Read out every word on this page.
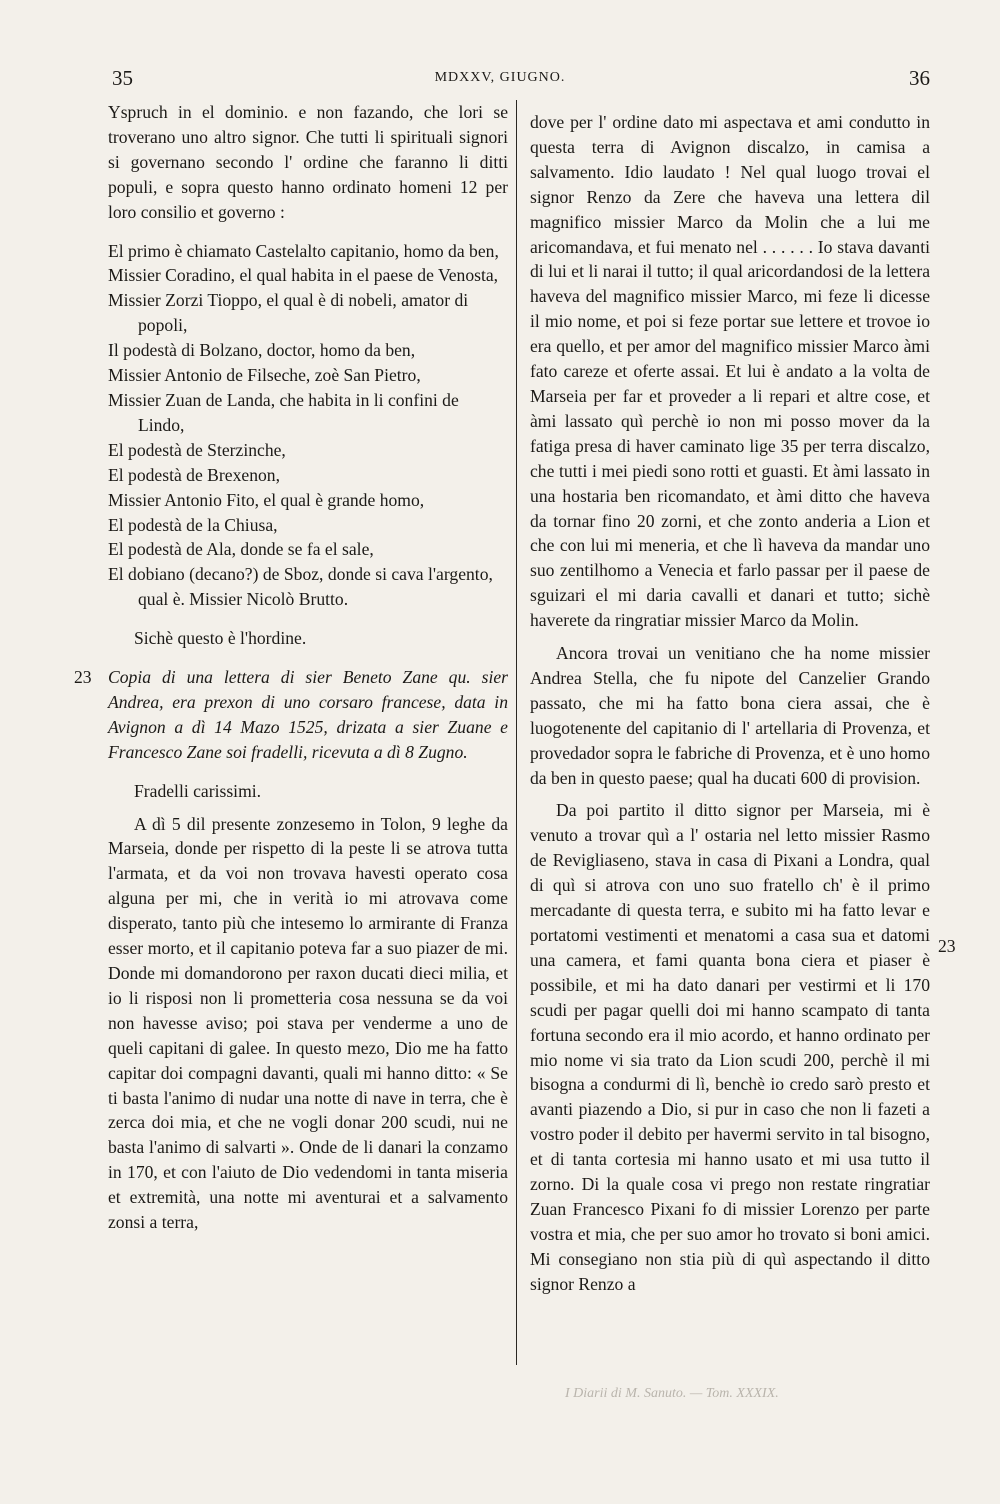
35	MDXXV, GIUGNO.	36

Yspruch in el dominio. e non fazando, che lori se troverano uno altro signor. Che tutti li spirituali signori si governano secondo l' ordine che faranno li ditti populi, e sopra questo hanno ordinato homeni 12 per loro consilio et governo :

El primo è chiamato Castelalto capitanio, homo da ben,

Missier Coradino, el qual habita in el paese de Venosta,

Missier Zorzi Tioppo, el qual è di nobeli, amator di popoli,

Il podestà di Bolzano, doctor, homo da ben,

Missier Antonio de Filseche, zoè San Pietro,

Missier Zuan de Landa, che habita in li confini de Lindo,

El podestà de Sterzinche,

El podestà de Brexenon,

Missier Antonio Fito, el qual è grande homo,

El podestà de la Chiusa,

El podestà de Ala, donde se fa el sale,

El dobiano (decano?) de Sboz, donde si cava l'argento, qual è. Missier Nicolò Brutto.

Sichè questo è l'hordine.

23 Copia di una lettera di sier Beneto Zane qu. sier Andrea, era prexon di uno corsaro francese, data in Avignon a dì 14 Mazo 1525, drizata a sier Zuane e Francesco Zane soi fradelli, ricevuta a dì 8 Zugno.

Fradelli carissimi.

A dì 5 dil presente zonzesemo in Tolon, 9 leghe da Marseia, donde per rispetto di la peste li se atrova tutta l'armata, et da voi non trovava havesti operato cosa alguna per mi, che in verità io mi atrovava come disperato, tanto più che intesemo lo armirante di Franza esser morto, et il capitanio poteva far a suo piazer de mi. Donde mi domandorono per raxon ducati dieci milia, et io li risposi non li prometteria cosa nessuna se da voi non havesse aviso; poi stava per venderme a uno de queli capitani di galee. In questo mezo, Dio me ha fatto capitar doi compagni davanti, quali mi hanno ditto: « Se ti basta l'animo di nudar una notte di nave in terra, che è zerca doi mia, et che ne vogli donar 200 scudi, nui ne basta l'animo di salvarti ». Onde de li danari la conzamo in 170, et con l'aiuto de Dio vedendomi in tanta miseria et extremità, una notte mi aventurai et a salvamento zonsi a terra,

dove per l' ordine dato mi aspectava et ami condutto in questa terra di Avignon discalzo, in camisa a salvamento. Idio laudato ! Nel qual luogo trovai el signor Renzo da Zere che haveva una lettera dil magnifico missier Marco da Molin che a lui me aricomandava, et fui menato nel . . . . . . Io stava davanti di lui et li narai il tutto; il qual aricordandosi de la lettera haveva del magnifico missier Marco, mi feze li dicesse il mio nome, et poi si feze portar sue lettere et trovoe io era quello, et per amor del magnifico missier Marco àmi fato careze et oferte assai. Et lui è andato a la volta de Marseia per far et proveder a li repari et altre cose, et àmi lassato quì perchè io non mi posso mover da la fatiga presa di haver caminato lige 35 per terra discalzo, che tutti i mei piedi sono rotti et guasti. Et àmi lassato in una hostaria ben ricomandato, et àmi ditto che haveva da tornar fino 20 zorni, et che zonto anderia a Lion et che con lui mi meneria, et che lì haveva da mandar uno suo zentilhomo a Venecia et farlo passar per il paese de sguizari el mi daria cavalli et danari et tutto; sichè haverete da ringratiar missier Marco da Molin.

Ancora trovai un venitiano che ha nome missier Andrea Stella, che fu nipote del Canzelier Grando passato, che mi ha fatto bona ciera assai, che è luogotenente del capitanio di l' artellaria di Provenza, et provedador sopra le fabriche di Provenza, et è uno homo da ben in questo paese; qual ha ducati 600 di provision.

Da poi partito il ditto signor per Marseia, mi è venuto a trovar quì a l' ostaria nel letto missier Rasmo de Revigliaseno, stava in casa di Pixani a Londra, qual di quì si atrova con uno suo fratello ch' è il primo mercadante di questa terra, e subito mi ha fatto levar e portatomi vestimenti et menatomi a casa sua et datomi una camera, et fami quanta bona ciera et piaser è possibile, et mi ha dato danari per vestirmi et li 170 scudi per pagar quelli doi mi hanno scampato di tanta fortuna secondo era il mio acordo, et hanno ordinato per mio nome vi sia trato da Lion scudi 200, perchè il mi bisogna a condurmi di lì, benchè io credo sarò presto et avanti piazendo a Dio, si pur in caso che non li fazeti a vostro poder il debito per havermi servito in tal bisogno, et di tanta cortesia mi hanno usato et mi usa tutto il zorno. Di la quale cosa vi prego non restate ringratiar Zuan Francesco Pixani fo di missier Lorenzo per parte vostra et mia, che per suo amor ho trovato si boni amici. Mi consegiano non stia più di quì aspectando il ditto signor Renzo a

23
I Diarii di M. Sanuto. — Tom. XXXIX.
